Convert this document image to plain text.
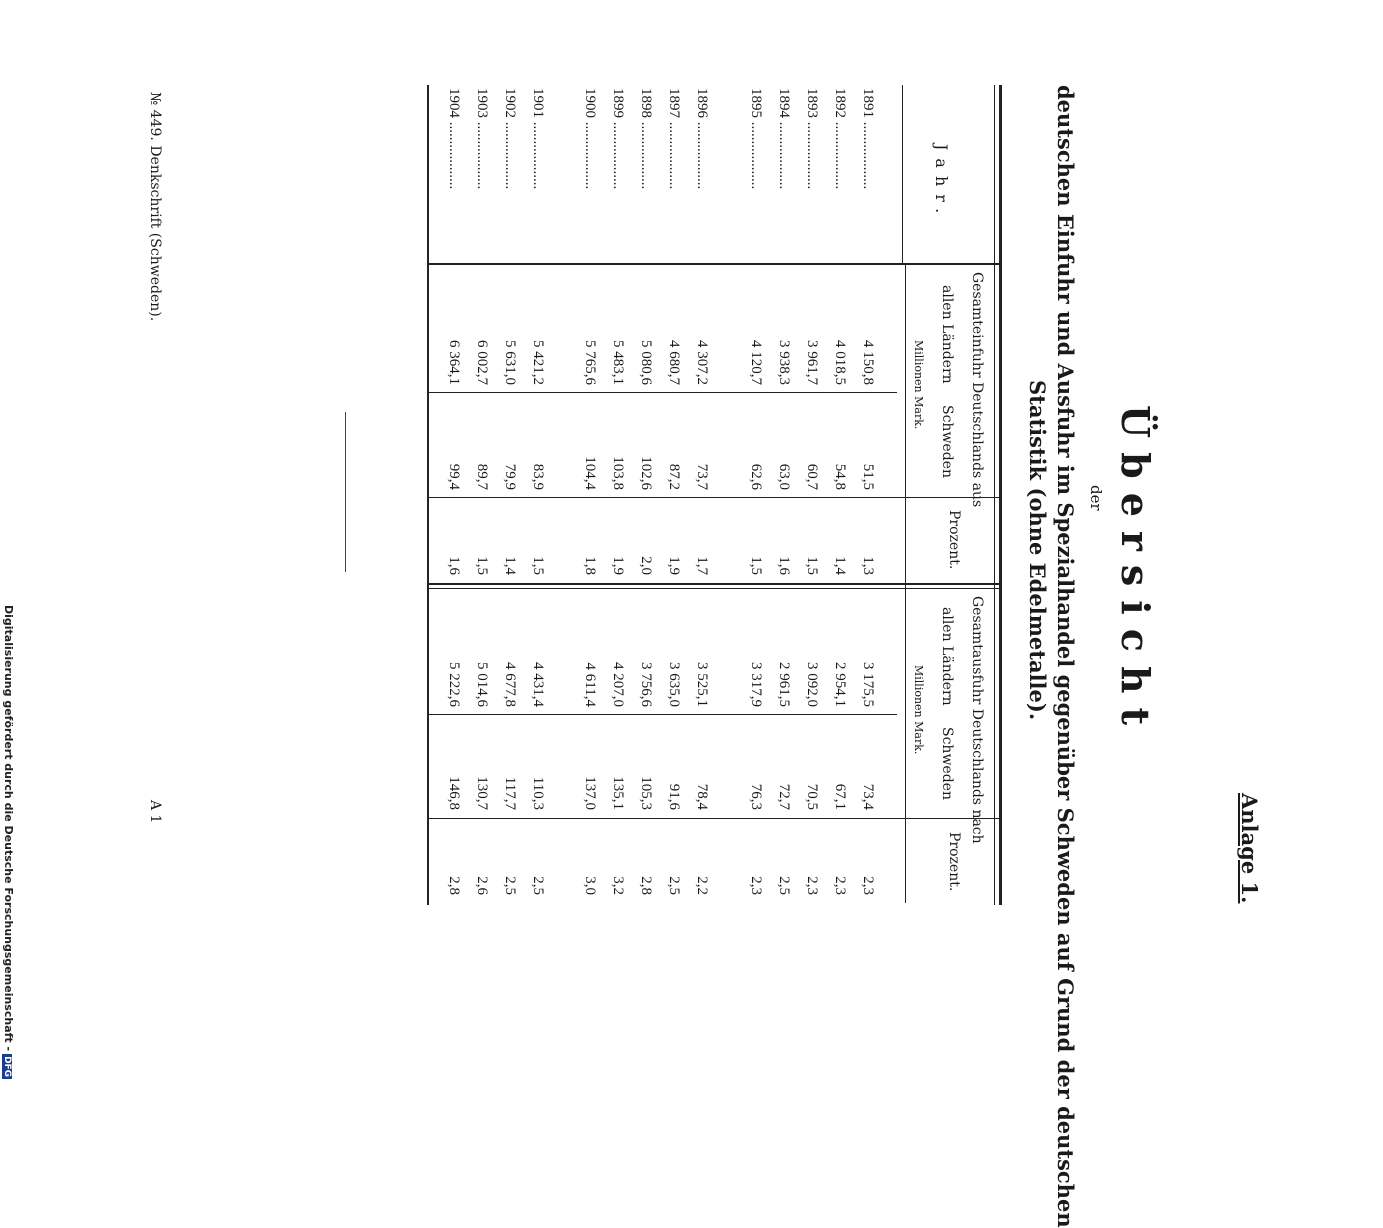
Anlage 1.
Übersicht
der
deutschen Einfuhr und Ausfuhr im Spezialhandel gegenüber Schweden auf Grund der deutschen
Statistik (ohne Edelmetalle).
Jahr.
Gesamteinfuhr Deutschlands aus
allen Ländern
Schweden
Millionen Mark.
Prozent.
Gesamtausfuhr Deutschlands nach
allen Ländern
Schweden
Millionen Mark.
Prozent.
1891 ..................
4 150,8
51,5
1,3
3 175,5
73,4
2,3
1892 ..................
4 018,5
54,8
1,4
2 954,1
67,1
2,3
1893 ..................
3 961,7
60,7
1,5
3 092,0
70,5
2,3
1894 ..................
3 938,3
63,0
1,6
2 961,5
72,7
2,5
1895 ..................
4 120,7
62,6
1,5
3 317,9
76,3
2,3
1896 ..................
4 307,2
73,7
1,7
3 525,1
78,4
2,2
1897 ..................
4 680,7
87,2
1,9
3 635,0
91,6
2,5
1898 ..................
5 080,6
102,6
2,0
3 756,6
105,3
2,8
1899 ..................
5 483,1
103,8
1,9
4 207,0
135,1
3,2
1900 ..................
5 765,6
104,4
1,8
4 611,4
137,0
3,0
1901 ..................
5 421,2
83,9
1,5
4 431,4
110,3
2,5
1902 ..................
5 631,0
79,9
1,4
4 677,8
117,7
2,5
1903 ..................
6 002,7
89,7
1,5
5 014,6
130,7
2,6
1904 ..................
6 364,1
99,4
1,6
5 222,6
146,8
2,8
№ 449. Denkschrift (Schweden).
A 1
Digitalisierung gefördert durch die Deutsche Forschungsgemeinschaft -DFG
